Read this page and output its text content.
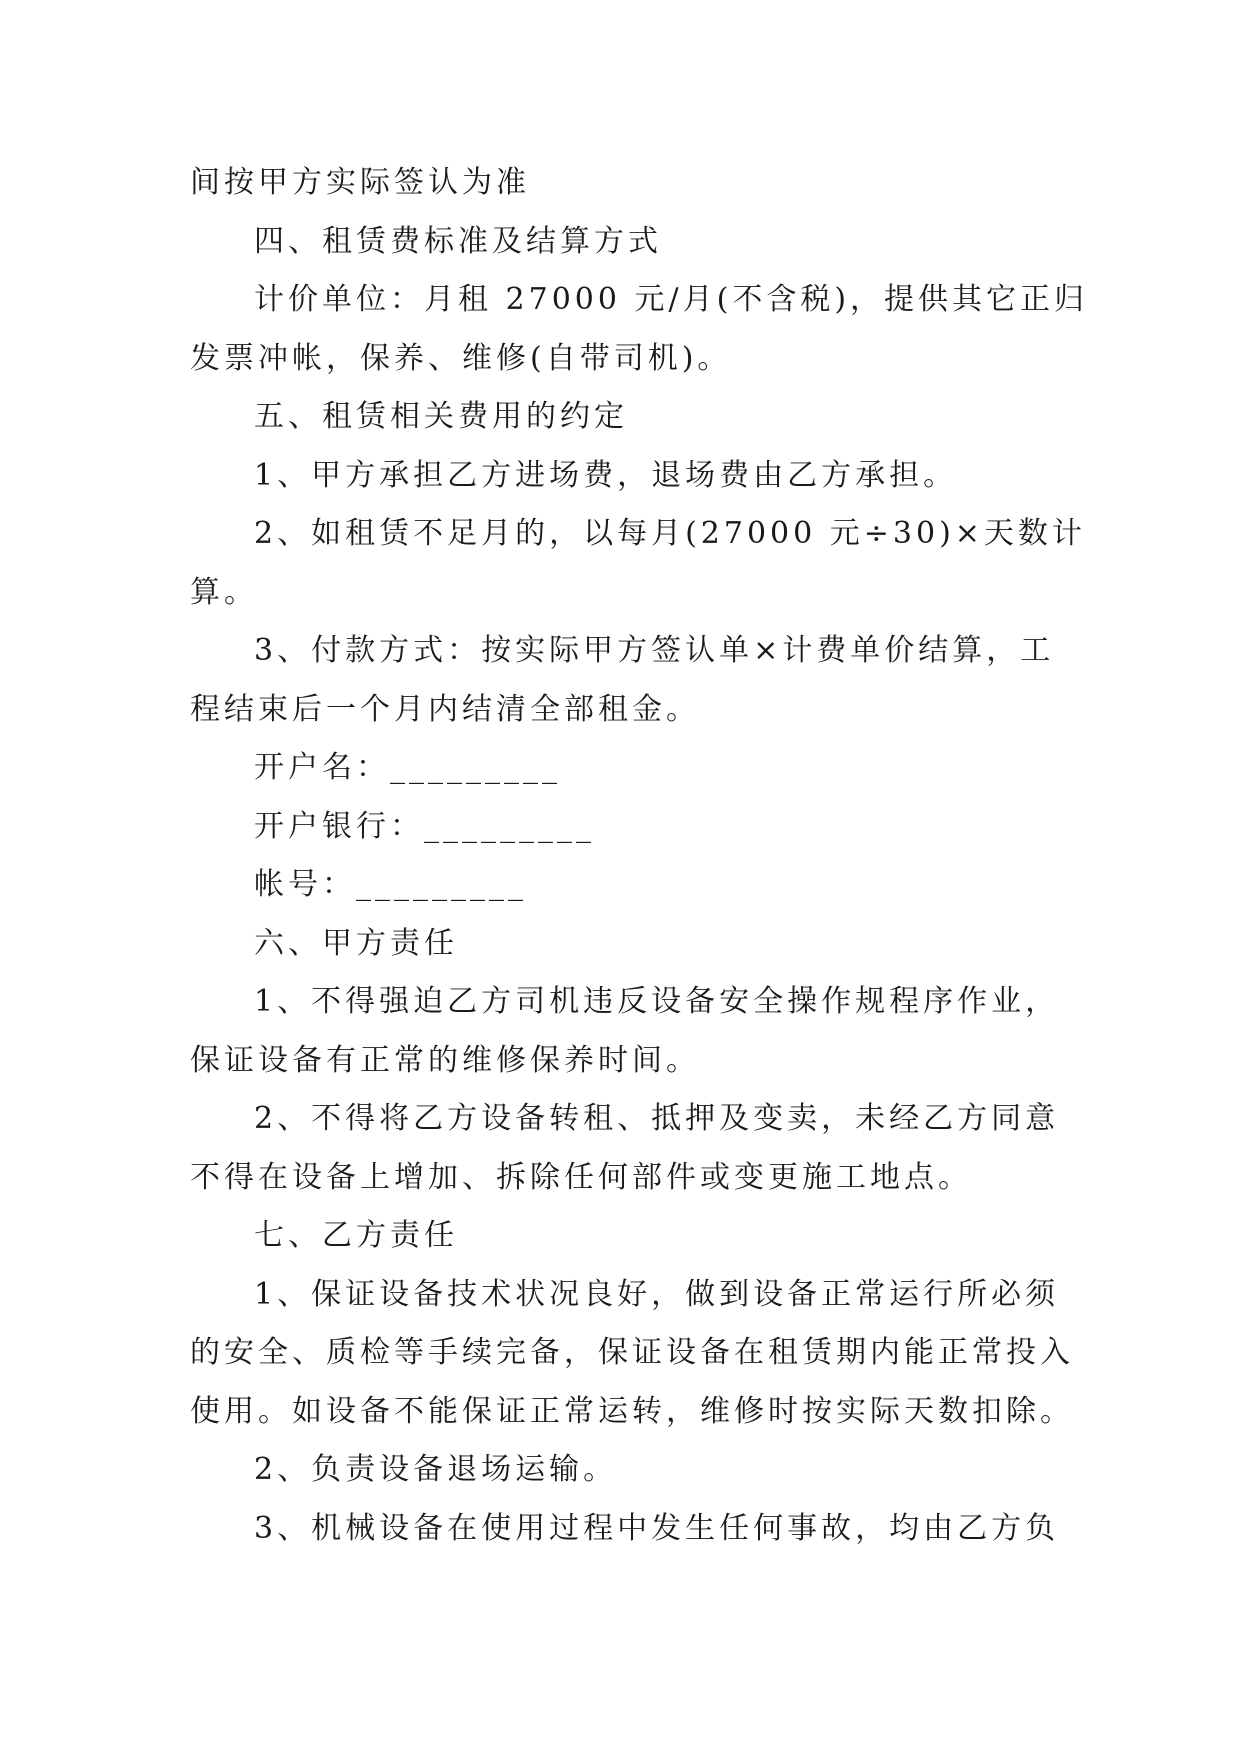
间按甲方实际签认为准
四、租赁费标准及结算方式
计价单位：月租 27000 元/月(不含税)，提供其它正归
发票冲帐，保养、维修(自带司机)。
五、租赁相关费用的约定
1、甲方承担乙方进场费，退场费由乙方承担。
2、如租赁不足月的，以每月(27000 元÷30)×天数计
算。
3、付款方式：按实际甲方签认单×计费单价结算，工
程结束后一个月内结清全部租金。
开户名：_________
开户银行：_________
帐号：_________
六、甲方责任
1、不得强迫乙方司机违反设备安全操作规程序作业，
保证设备有正常的维修保养时间。
2、不得将乙方设备转租、抵押及变卖，未经乙方同意
不得在设备上增加、拆除任何部件或变更施工地点。
七、乙方责任
1、保证设备技术状况良好，做到设备正常运行所必须
的安全、质检等手续完备，保证设备在租赁期内能正常投入
使用。如设备不能保证正常运转，维修时按实际天数扣除。
2、负责设备退场运输。
3、机械设备在使用过程中发生任何事故，均由乙方负
